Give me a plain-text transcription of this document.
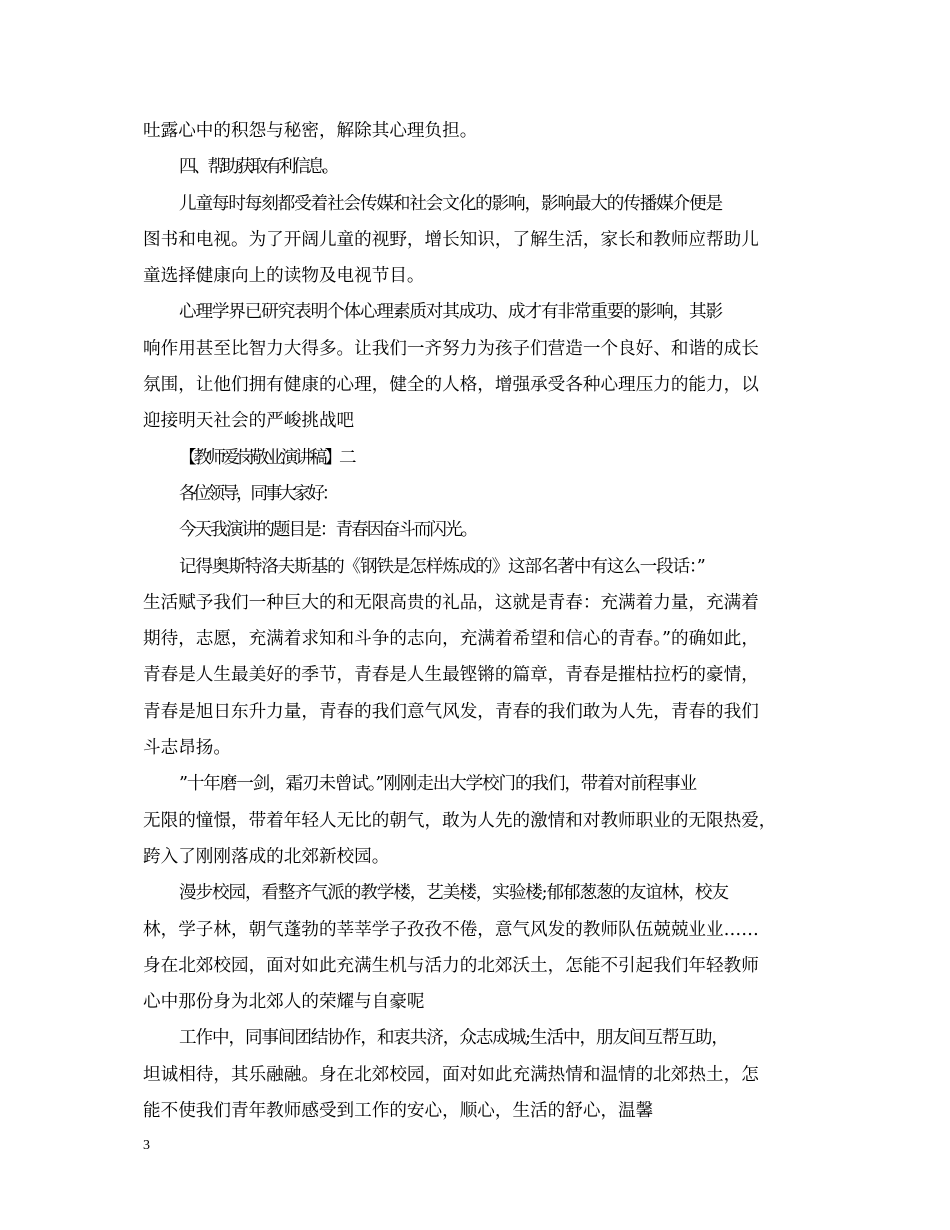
吐露心中的积怨与秘密，解除其心理负担。
四、帮助获取有利信息。
儿童每时每刻都受着社会传媒和社会文化的影响，影响最大的传播媒介便是
图书和电视。为了开阔儿童的视野，增长知识，了解生活，家长和教师应帮助儿
童选择健康向上的读物及电视节目。
心理学界已研究表明个体心理素质对其成功、成才有非常重要的影响，其影
响作用甚至比智力大得多。让我们一齐努力为孩子们营造一个良好、和谐的成长
氛围，让他们拥有健康的心理，健全的人格，增强承受各种心理压力的能力，以
迎接明天社会的严峻挑战吧
【教师爱岗敬业演讲稿】二
各位领导，同事大家好：
今天我演讲的题目是：青春因奋斗而闪光。
记得奥斯特洛夫斯基的《钢铁是怎样炼成的》这部名著中有这么一段话：”
生活赋予我们一种巨大的和无限高贵的礼品，这就是青春：充满着力量，充满着
期待，志愿，充满着求知和斗争的志向，充满着希望和信心的青春。”的确如此，
青春是人生最美好的季节，青春是人生最铿锵的篇章，青春是摧枯拉朽的豪情，
青春是旭日东升力量，青春的我们意气风发，青春的我们敢为人先，青春的我们
斗志昂扬。
”十年磨一剑，霜刃未曾试。”刚刚走出大学校门的我们，带着对前程事业
无限的憧憬，带着年轻人无比的朝气，敢为人先的激情和对教师职业的无限热爱，
跨入了刚刚落成的北郊新校园。
漫步校园，看整齐气派的教学楼，艺美楼，实验楼;郁郁葱葱的友谊林，校友
林，学子林，朝气蓬勃的莘莘学子孜孜不倦，意气风发的教师队伍兢兢业业……
身在北郊校园，面对如此充满生机与活力的北郊沃土，怎能不引起我们年轻教师
心中那份身为北郊人的荣耀与自豪呢
工作中，同事间团结协作，和衷共济，众志成城;生活中，朋友间互帮互助，
坦诚相待，其乐融融。身在北郊校园，面对如此充满热情和温情的北郊热土，怎
能不使我们青年教师感受到工作的安心，顺心，生活的舒心，温馨
3
